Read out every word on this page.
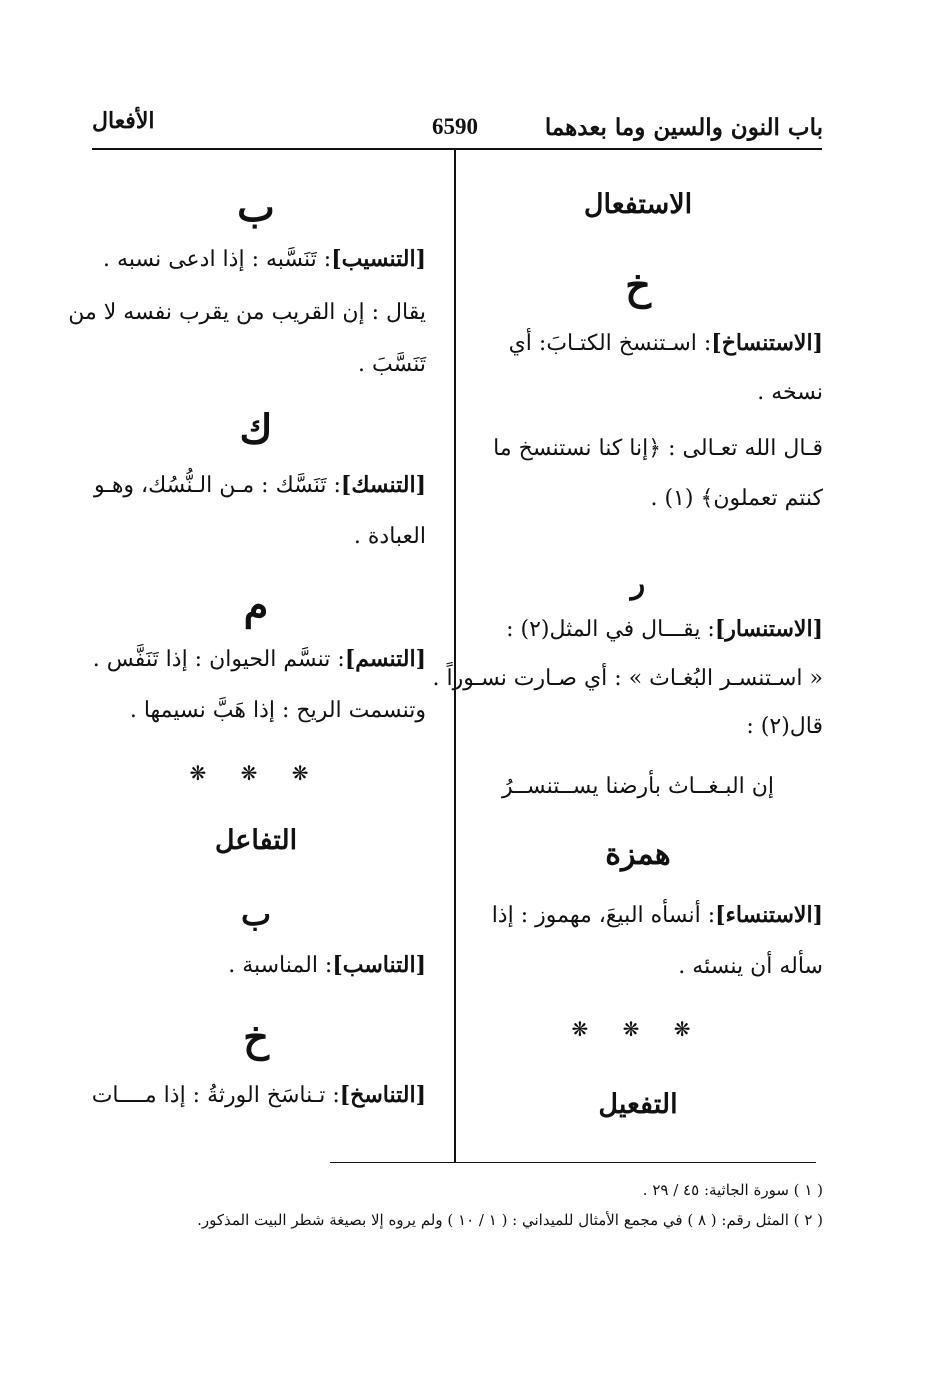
باب النون والسين وما بعدهما
6590
الأفعال
الاستفعال
خ
[الاستنساخ]: اسـتنسخ الكتـابَ: أي
نسخه .
قـال الله تعـالى : ﴿إنا كنا نستنسخ ما
كنتم تعملون﴾ (١) .
ر
[الاستنسار]: يقـــال في المثل(٢) :
« اسـتنسـر البُغـاث » : أي صـارت نسـوراً .
قال(٢) :
إن البـغــاث بأرضنا يســتنســرُ
همزة
[الاستنساء]: أنسأه البيعَ، مهموز : إذا
سأله أن ينسئه .
❋ ❋ ❋
التفعيل
ب
[التنسيب]: تَنَسَّبه : إذا ادعى نسبه .
يقال : إن القريب من يقرب نفسه لا من
تَنَسَّبَ .
ك
[التنسك]: تَنَسَّك : مـن الـنُّسُك، وهـو
العبادة .
م
[التنسم]: تنسَّم الحيوان : إذا تَنَفَّس .
وتنسمت الريح : إذا هَبَّ نسيمها .
❋ ❋ ❋
التفاعل
ب
[التناسب]: المناسبة .
خ
[التناسخ]: تـناسَخ الورثةُ : إذا مــــات
( ١ ) سورة الجاثية: ٤٥ / ٢٩ .
( ٢ ) المثل رقم: ( ٨ ) في مجمع الأمثال للميداني : ( ١ / ١٠ ) ولم يروه إلا بصيغة شطر البيت المذكور.
